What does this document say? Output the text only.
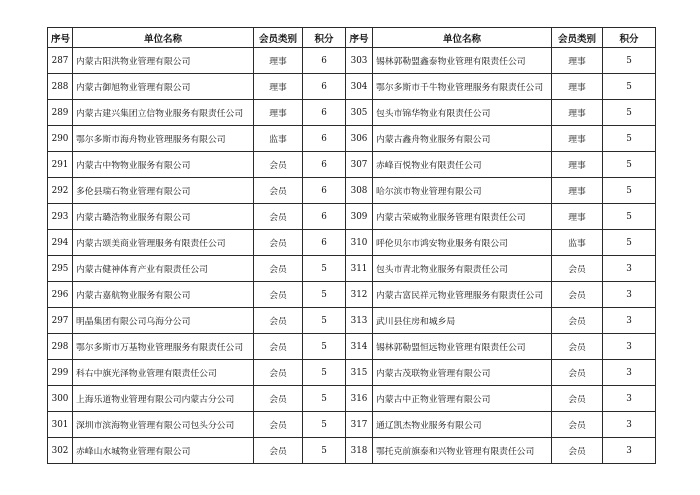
序号	单位名称	会员类别	积分	序号	单位名称	会员类别	积分
287	内蒙古阳洪物业管理有限公司	理事	6	303	锡林郭勒盟鑫泰物业管理有限责任公司	理事	5
288	内蒙古御旭物业管理有限公司	理事	6	304	鄂尔多斯市千牛物业管理服务有限责任公司	理事	5
289	内蒙古建兴集团立信物业服务有限责任公司	理事	6	305	包头市锦华物业有限责任公司	理事	5
290	鄂尔多斯市海舟物业管理服务有限公司	监事	6	306	内蒙古鑫舟物业服务有限公司	理事	5
291	内蒙古中物物业服务有限公司	会员	6	307	赤峰百悦物业有限责任公司	理事	5
292	多伦县瑞石物业管理有限公司	会员	6	308	哈尔滨市物业管理有限公司	理事	5
293	内蒙古璐浩物业服务有限公司	会员	6	309	内蒙古荣威物业服务管理有限责任公司	理事	5
294	内蒙古颂美商业管理服务有限责任公司	会员	6	310	呼伦贝尔市鸿安物业服务有限公司	监事	5
295	内蒙古健神体育产业有限责任公司	会员	5	311	包头市青北物业服务有限责任公司	会员	3
296	内蒙古嘉航物业服务有限公司	会员	5	312	内蒙古富民祥元物业管理服务有限责任公司	会员	3
297	明晶集团有限公司乌海分公司	会员	5	313	武川县住房和城乡局	会员	3
298	鄂尔多斯市万基物业管理服务有限责任公司	会员	5	314	锡林郭勒盟恒远物业管理有限责任公司	会员	3
299	科右中旗光泽物业管理有限责任公司	会员	5	315	内蒙古茂联物业管理有限公司	会员	3
300	上海乐道物业管理有限公司内蒙古分公司	会员	5	316	内蒙古中正物业管理有限公司	会员	3
301	深圳市滨海物业管理有限公司包头分公司	会员	5	317	通辽凯杰物业服务有限公司	会员	3
302	赤峰山水城物业管理有限公司	会员	5	318	鄂托克前旗泰和兴物业管理有限责任公司	会员	3
